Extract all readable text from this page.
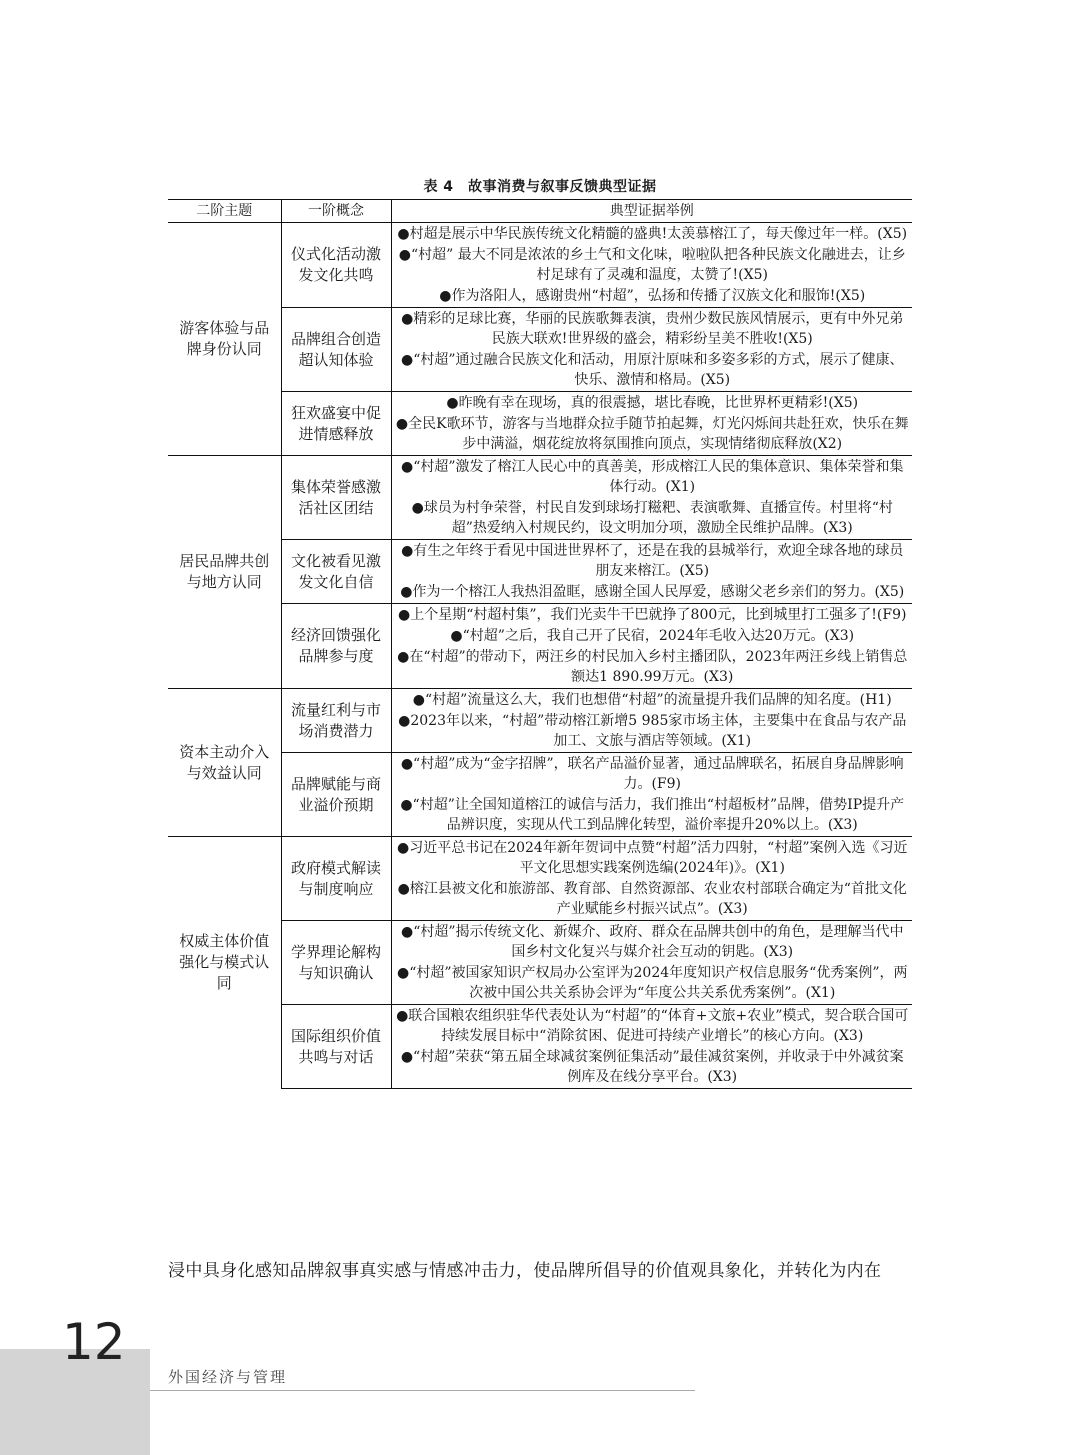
表 4　故事消费与叙事反馈典型证据
二阶主题	一阶概念	典型证据举例
游客体验与品牌身份认同	仪式化活动激发文化共鸣	●村超是展示中华民族传统文化精髓的盛典!太羡慕榕江了，每天像过年一样。(X5)
●“村超” 最大不同是浓浓的乡土气和文化味，啦啦队把各种民族文化融进去，让乡村足球有了灵魂和温度，太赞了!(X5)
●作为洛阳人，感谢贵州“村超”，弘扬和传播了汉族文化和服饰!(X5)

	品牌组合创造超认知体验	●精彩的足球比赛，华丽的民族歌舞表演，贵州少数民族风情展示，更有中外兄弟民族大联欢!世界级的盛会，精彩纷呈美不胜收!(X5)
●“村超”通过融合民族文化和活动，用原汁原味和多姿多彩的方式，展示了健康、快乐、激情和格局。(X5)

	狂欢盛宴中促进情感释放	●昨晚有幸在现场，真的很震撼，堪比春晚，比世界杯更精彩!(X5)
●全民K歌环节，游客与当地群众拉手随节拍起舞，灯光闪烁间共赴狂欢，快乐在舞步中满溢，烟花绽放将氛围推向顶点，实现情绪彻底释放(X2)

居民品牌共创与地方认同	集体荣誉感激活社区团结	●“村超”激发了榕江人民心中的真善美，形成榕江人民的集体意识、集体荣誉和集体行动。(X1)
●球员为村争荣誉，村民自发到球场打糍粑、表演歌舞、直播宣传。村里将“村超”热爱纳入村规民约，设文明加分项，激励全民维护品牌。(X3)

	文化被看见激发文化自信	●有生之年终于看见中国进世界杯了，还是在我的县城举行，欢迎全球各地的球员朋友来榕江。(X5)
●作为一个榕江人我热泪盈眶，感谢全国人民厚爱，感谢父老乡亲们的努力。(X5)

	经济回馈强化品牌参与度	●上个星期“村超村集”，我们光卖牛干巴就挣了800元，比到城里打工强多了!(F9)
●“村超”之后，我自己开了民宿，2024年毛收入达20万元。(X3)
●在“村超”的带动下，两汪乡的村民加入乡村主播团队，2023年两汪乡线上销售总额达1 890.99万元。(X3)

资本主动介入与效益认同	流量红利与市场消费潜力	●“村超”流量这么大，我们也想借“村超”的流量提升我们品牌的知名度。(H1)
●2023年以来，“村超”带动榕江新增5 985家市场主体，主要集中在食品与农产品加工、文旅与酒店等领域。(X1)

	品牌赋能与商业溢价预期	●“村超”成为“金字招牌”，联名产品溢价显著，通过品牌联名，拓展自身品牌影响力。(F9)
●“村超”让全国知道榕江的诚信与活力，我们推出“村超板材”品牌，借势IP提升产品辨识度，实现从代工到品牌化转型，溢价率提升20%以上。(X3)

权威主体价值强化与模式认同	政府模式解读与制度响应	●习近平总书记在2024年新年贺词中点赞“村超”活力四射，“村超”案例入选《习近平文化思想实践案例选编(2024年)》。(X1)
●榕江县被文化和旅游部、教育部、自然资源部、农业农村部联合确定为“首批文化产业赋能乡村振兴试点”。(X3)

	学界理论解构与知识确认	●“村超”揭示传统文化、新媒介、政府、群众在品牌共创中的角色，是理解当代中国乡村文化复兴与媒介社会互动的钥匙。(X3)
●“村超”被国家知识产权局办公室评为2024年度知识产权信息服务“优秀案例”，两次被中国公共关系协会评为“年度公共关系优秀案例”。(X1)

	国际组织价值共鸣与对话	●联合国粮农组织驻华代表处认为“村超”的“体育+文旅+农业”模式，契合联合国可持续发展目标中“消除贫困、促进可持续产业增长”的核心方向。(X3)
●“村超”荣获“第五届全球减贫案例征集活动”最佳减贫案例，并收录于中外减贫案例库及在线分享平台。(X3)
浸中具身化感知品牌叙事真实感与情感冲击力，使品牌所倡导的价值观具象化，并转化为内在
12
外国经济与管理
